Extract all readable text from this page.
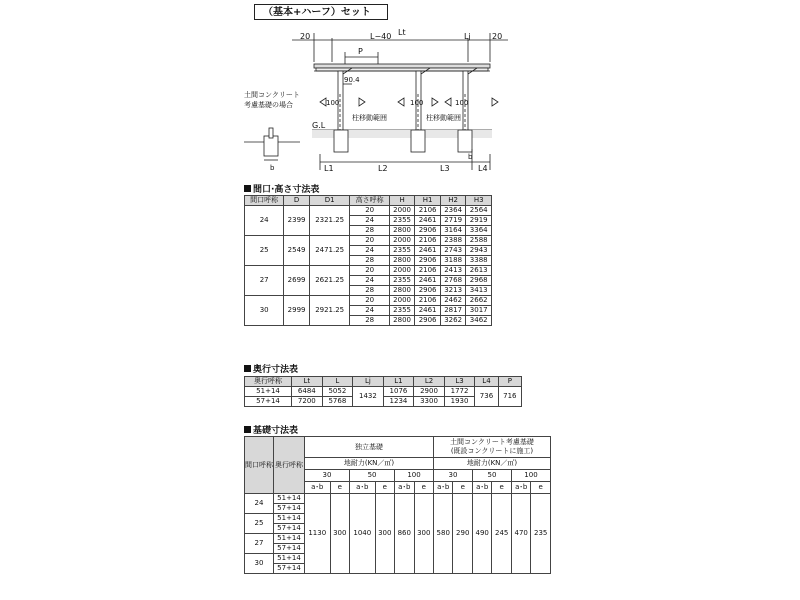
（基本+ハーフ）セット
20	20
Lt
L−40	Lj
P
90.4
L1	L2	L3	L4
b
b
G.L
土間コンクリート
考慮基礎の場合	100	100	100
柱移動範囲	柱移動範囲
間口·高さ寸法表
間口呼称	D	D1	高さ呼称	H	H1	H2	H3
24	2399	2321.25	20	2000	2106	2364	2564
			24	2355	2461	2719	2919
			28	2800	2906	3164	3364
25	2549	2471.25	20	2000	2106	2388	2588
			24	2355	2461	2743	2943
			28	2800	2906	3188	3388
27	2699	2621.25	20	2000	2106	2413	2613
			24	2355	2461	2768	2968
			28	2800	2906	3213	3413
30	2999	2921.25	20	2000	2106	2462	2662
			24	2355	2461	2817	3017
			28	2800	2906	3262	3462
奥行寸法表
奥行呼称	Lt	L	Lj	L1	L2	L3	L4	P
51+14	6484	5052	1432	1076	2900	1772	736	716
57+14	7200	5768		1234	3300	1930		
基礎寸法表
間口呼称	奥行呼称	独立基礎						土間コンクリート考慮基礎
(既設コンクリートに施工)					

		地耐力(KN／㎡)						地耐力(KN／㎡)					
		30		50		100		30		50		100	
		a･b	e	a･b	e	a･b	e	a･b	e	a･b	e	a･b	e
24	51+14	1130	300	1040	300	860	300	580	290	490	245	470	235
	57+14												
25	51+14												
	57+14												
27	51+14												
	57+14												
30	51+14												
	57+14												
